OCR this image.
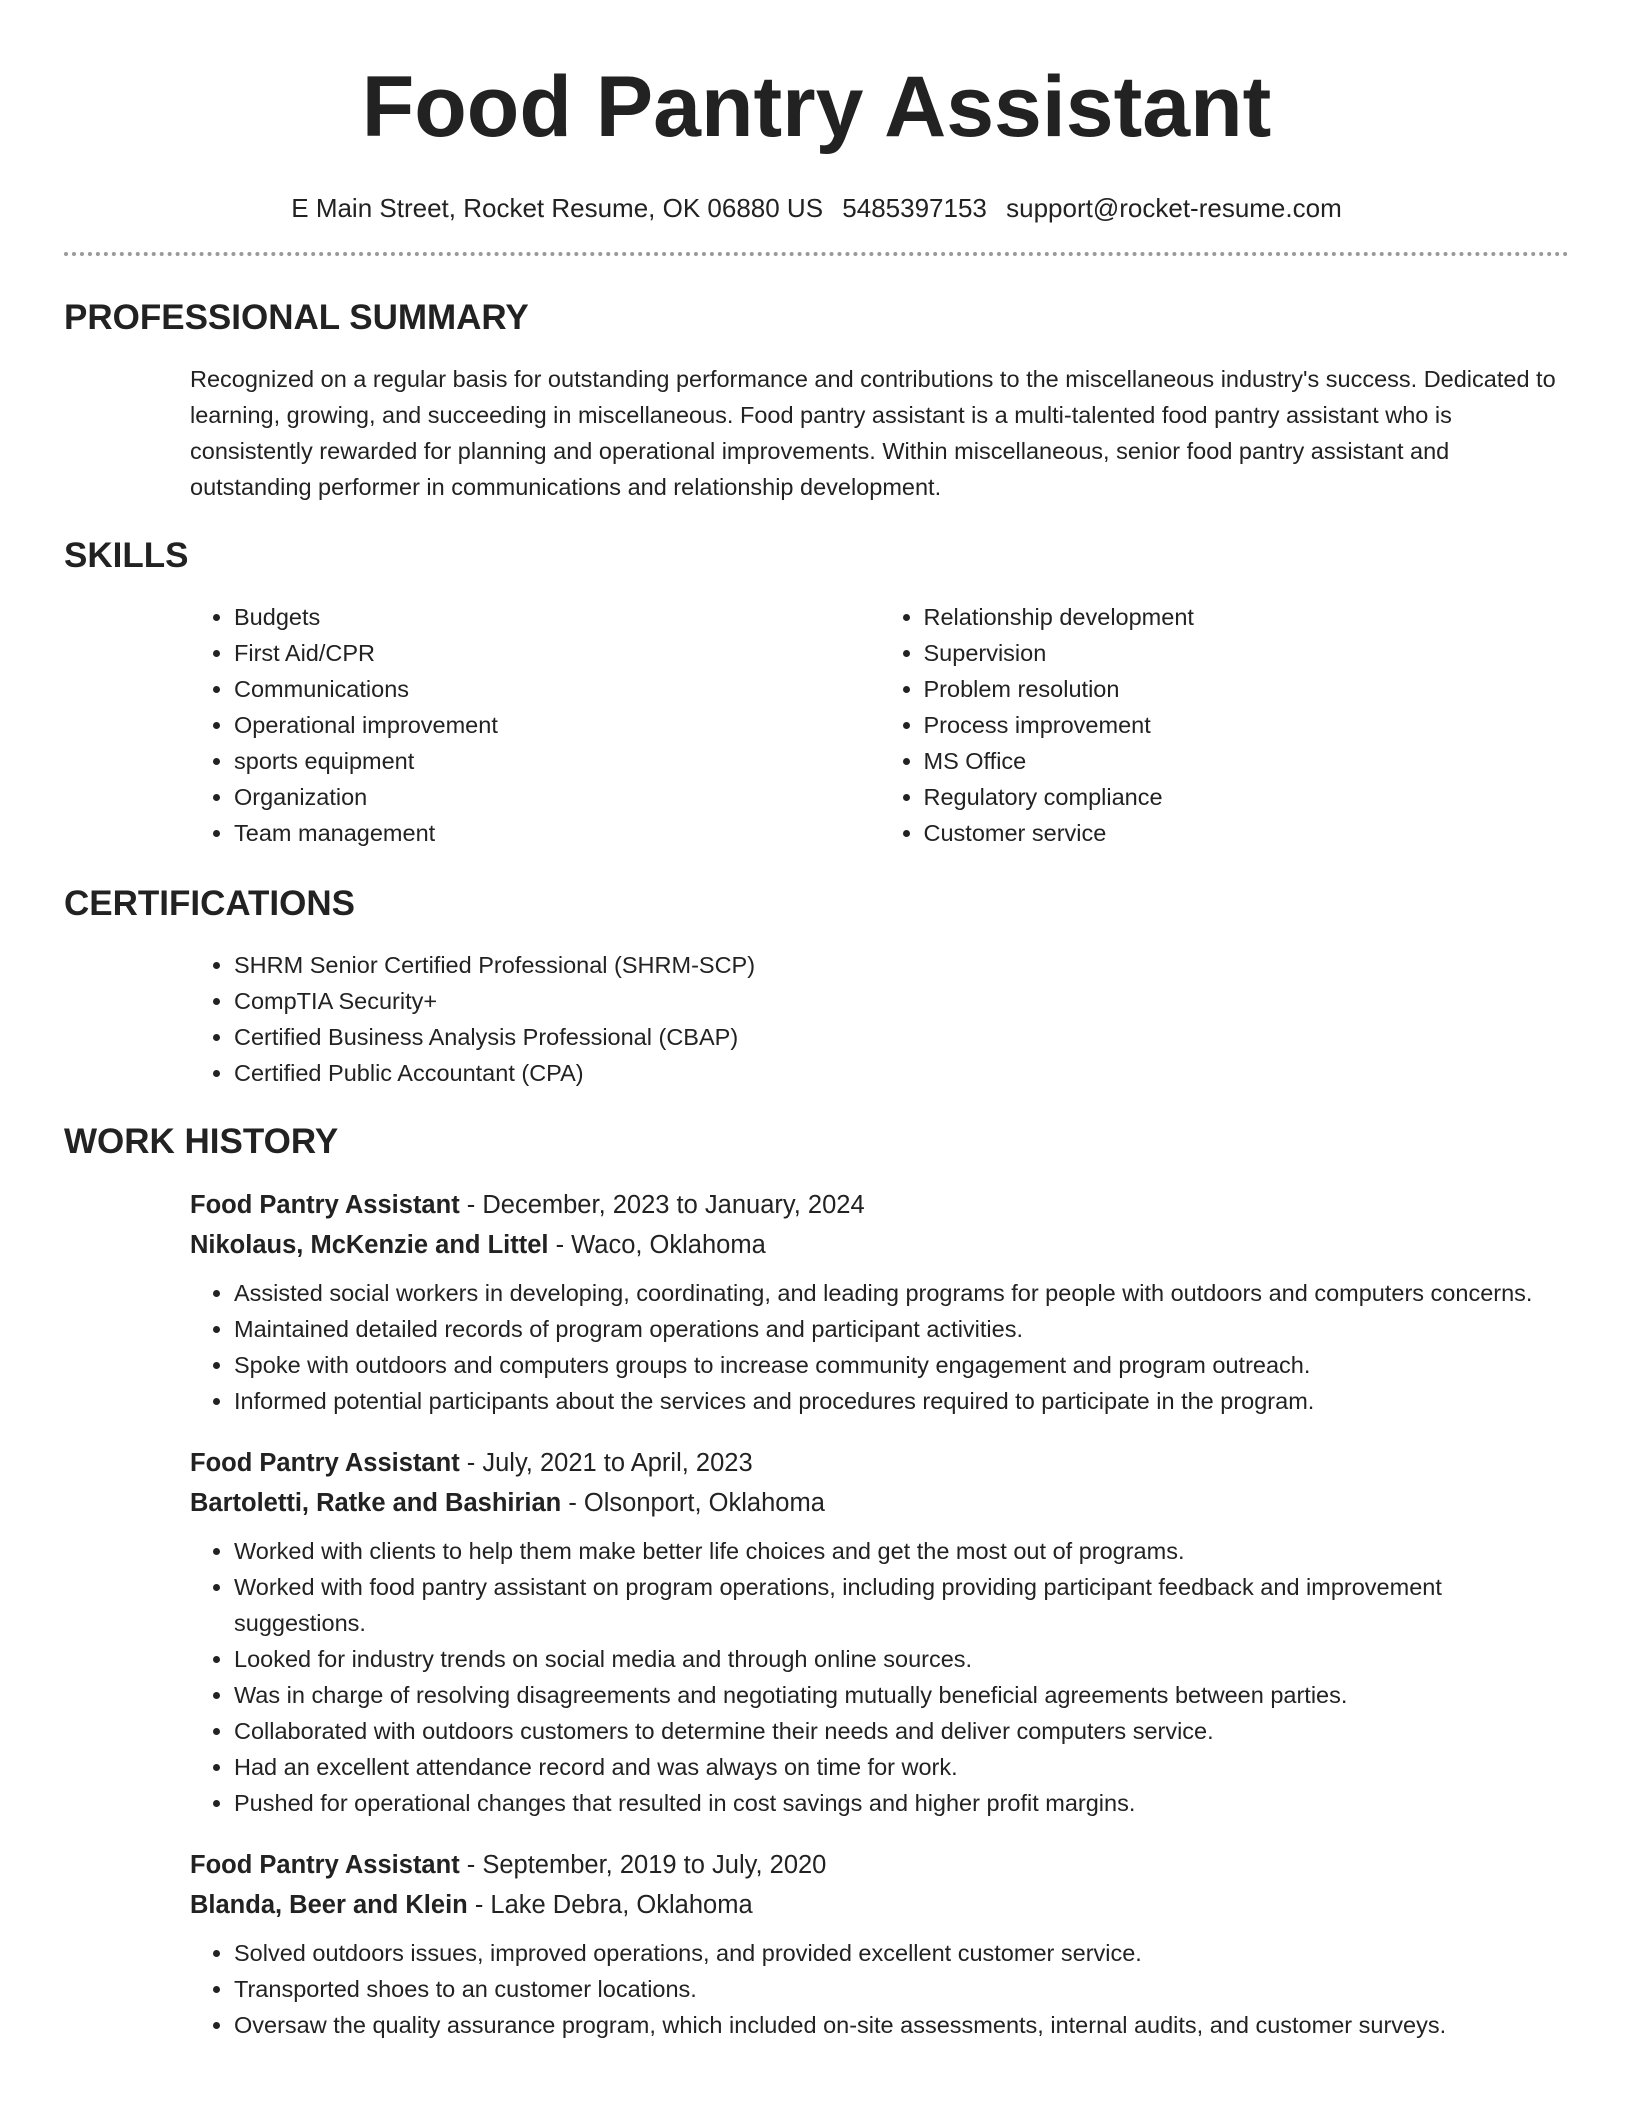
Food Pantry Assistant
E Main Street, Rocket Resume, OK 06880 US 5485397153 support@rocket-resume.com
PROFESSIONAL SUMMARY
Recognized on a regular basis for outstanding performance and contributions to the miscellaneous industry's success. Dedicated to learning, growing, and succeeding in miscellaneous. Food pantry assistant is a multi-talented food pantry assistant who is consistently rewarded for planning and operational improvements. Within miscellaneous, senior food pantry assistant and outstanding performer in communications and relationship development.
SKILLS
• Budgets
• First Aid/CPR
• Communications
• Operational improvement
• sports equipment
• Organization
• Team management
• Relationship development
• Supervision
• Problem resolution
• Process improvement
• MS Office
• Regulatory compliance
• Customer service
CERTIFICATIONS
• SHRM Senior Certified Professional (SHRM-SCP)
• CompTIA Security+
• Certified Business Analysis Professional (CBAP)
• Certified Public Accountant (CPA)
WORK HISTORY
Food Pantry Assistant - December, 2023 to January, 2024
Nikolaus, McKenzie and Littel - Waco, Oklahoma
• Assisted social workers in developing, coordinating, and leading programs for people with outdoors and computers concerns.
• Maintained detailed records of program operations and participant activities.
• Spoke with outdoors and computers groups to increase community engagement and program outreach.
• Informed potential participants about the services and procedures required to participate in the program.
Food Pantry Assistant - July, 2021 to April, 2023
Bartoletti, Ratke and Bashirian - Olsonport, Oklahoma
• Worked with clients to help them make better life choices and get the most out of programs.
• Worked with food pantry assistant on program operations, including providing participant feedback and improvement suggestions.
• Looked for industry trends on social media and through online sources.
• Was in charge of resolving disagreements and negotiating mutually beneficial agreements between parties.
• Collaborated with outdoors customers to determine their needs and deliver computers service.
• Had an excellent attendance record and was always on time for work.
• Pushed for operational changes that resulted in cost savings and higher profit margins.
Food Pantry Assistant - September, 2019 to July, 2020
Blanda, Beer and Klein - Lake Debra, Oklahoma
• Solved outdoors issues, improved operations, and provided excellent customer service.
• Transported shoes to an customer locations.
• Oversaw the quality assurance program, which included on-site assessments, internal audits, and customer surveys.
